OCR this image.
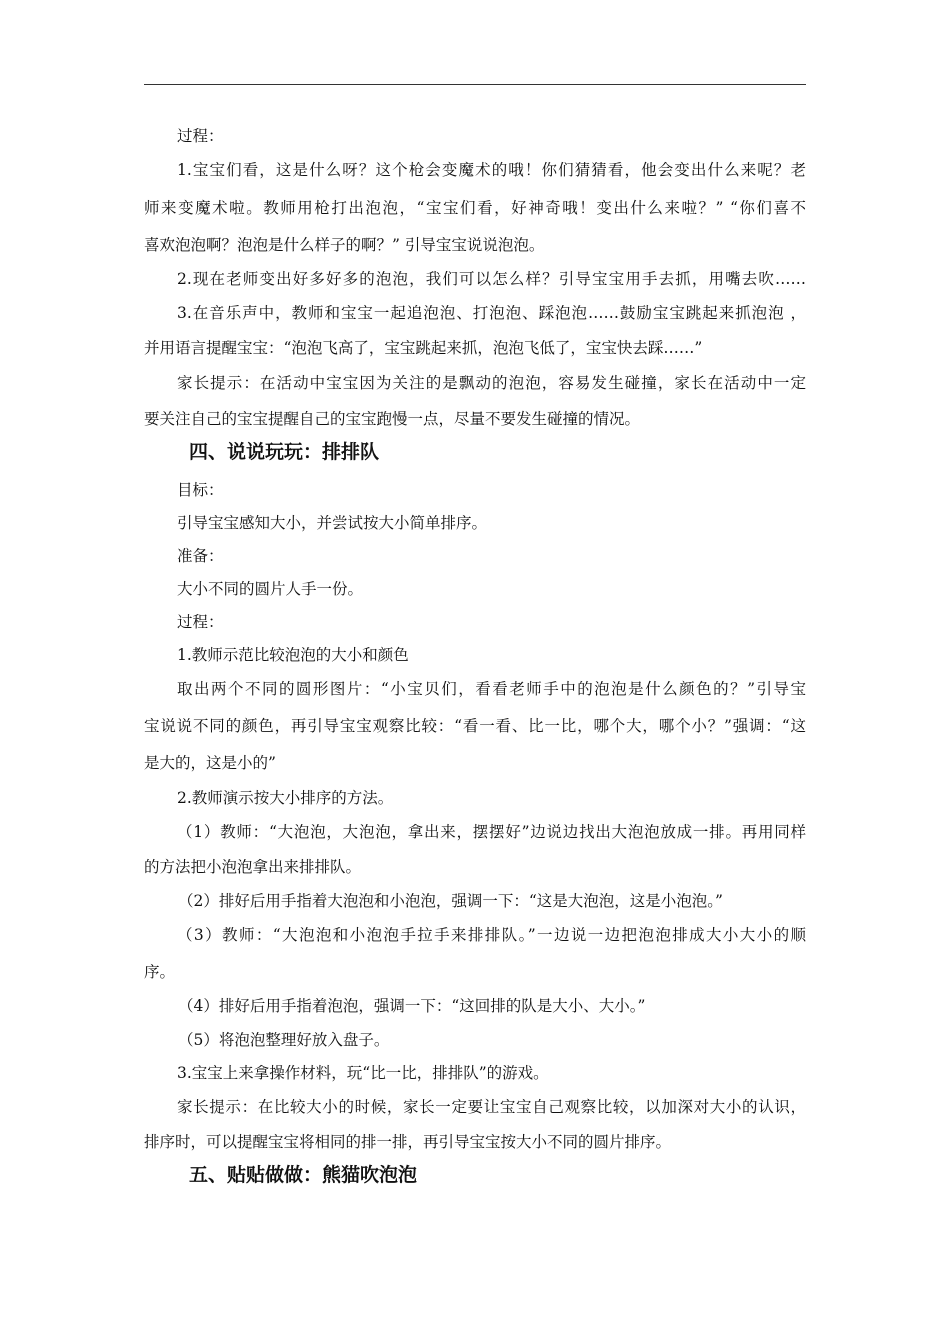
过程：
1.宝宝们看，这是什么呀？这个枪会变魔术的哦！你们猜猜看，他会变出什么来呢？老
师来变魔术啦。教师用枪打出泡泡，“宝宝们看，好神奇哦！变出什么来啦？” “你们喜不
喜欢泡泡啊？泡泡是什么样子的啊？” 引导宝宝说说泡泡。
2.现在老师变出好多好多的泡泡，我们可以怎么样？引导宝宝用手去抓，用嘴去吹……
3.在音乐声中，教师和宝宝一起追泡泡、打泡泡、踩泡泡……鼓励宝宝跳起来抓泡泡 ，
并用语言提醒宝宝：“泡泡飞高了，宝宝跳起来抓，泡泡飞低了，宝宝快去踩……”
家长提示：在活动中宝宝因为关注的是飘动的泡泡，容易发生碰撞，家长在活动中一定
要关注自己的宝宝提醒自己的宝宝跑慢一点，尽量不要发生碰撞的情况。
四、说说玩玩：排排队
目标：
引导宝宝感知大小，并尝试按大小简单排序。
准备：
大小不同的圆片人手一份。
过程：
1.教师示范比较泡泡的大小和颜色
取出两个不同的圆形图片：“小宝贝们，看看老师手中的泡泡是什么颜色的？”引导宝
宝说说不同的颜色，再引导宝宝观察比较：“看一看、比一比，哪个大，哪个小？”强调：“这
是大的，这是小的”
2.教师演示按大小排序的方法。
（1）教师：“大泡泡，大泡泡，拿出来，摆摆好”边说边找出大泡泡放成一排。再用同样
的方法把小泡泡拿出来排排队。
（2）排好后用手指着大泡泡和小泡泡，强调一下：“这是大泡泡，这是小泡泡。”
（3）教师：“大泡泡和小泡泡手拉手来排排队。”一边说一边把泡泡排成大小大小的顺
序。
（4）排好后用手指着泡泡，强调一下：“这回排的队是大小、大小。”
（5）将泡泡整理好放入盘子。
3.宝宝上来拿操作材料，玩“比一比，排排队”的游戏。
家长提示：在比较大小的时候，家长一定要让宝宝自己观察比较，以加深对大小的认识，
排序时，可以提醒宝宝将相同的排一排，再引导宝宝按大小不同的圆片排序。
五、贴贴做做：熊猫吹泡泡
